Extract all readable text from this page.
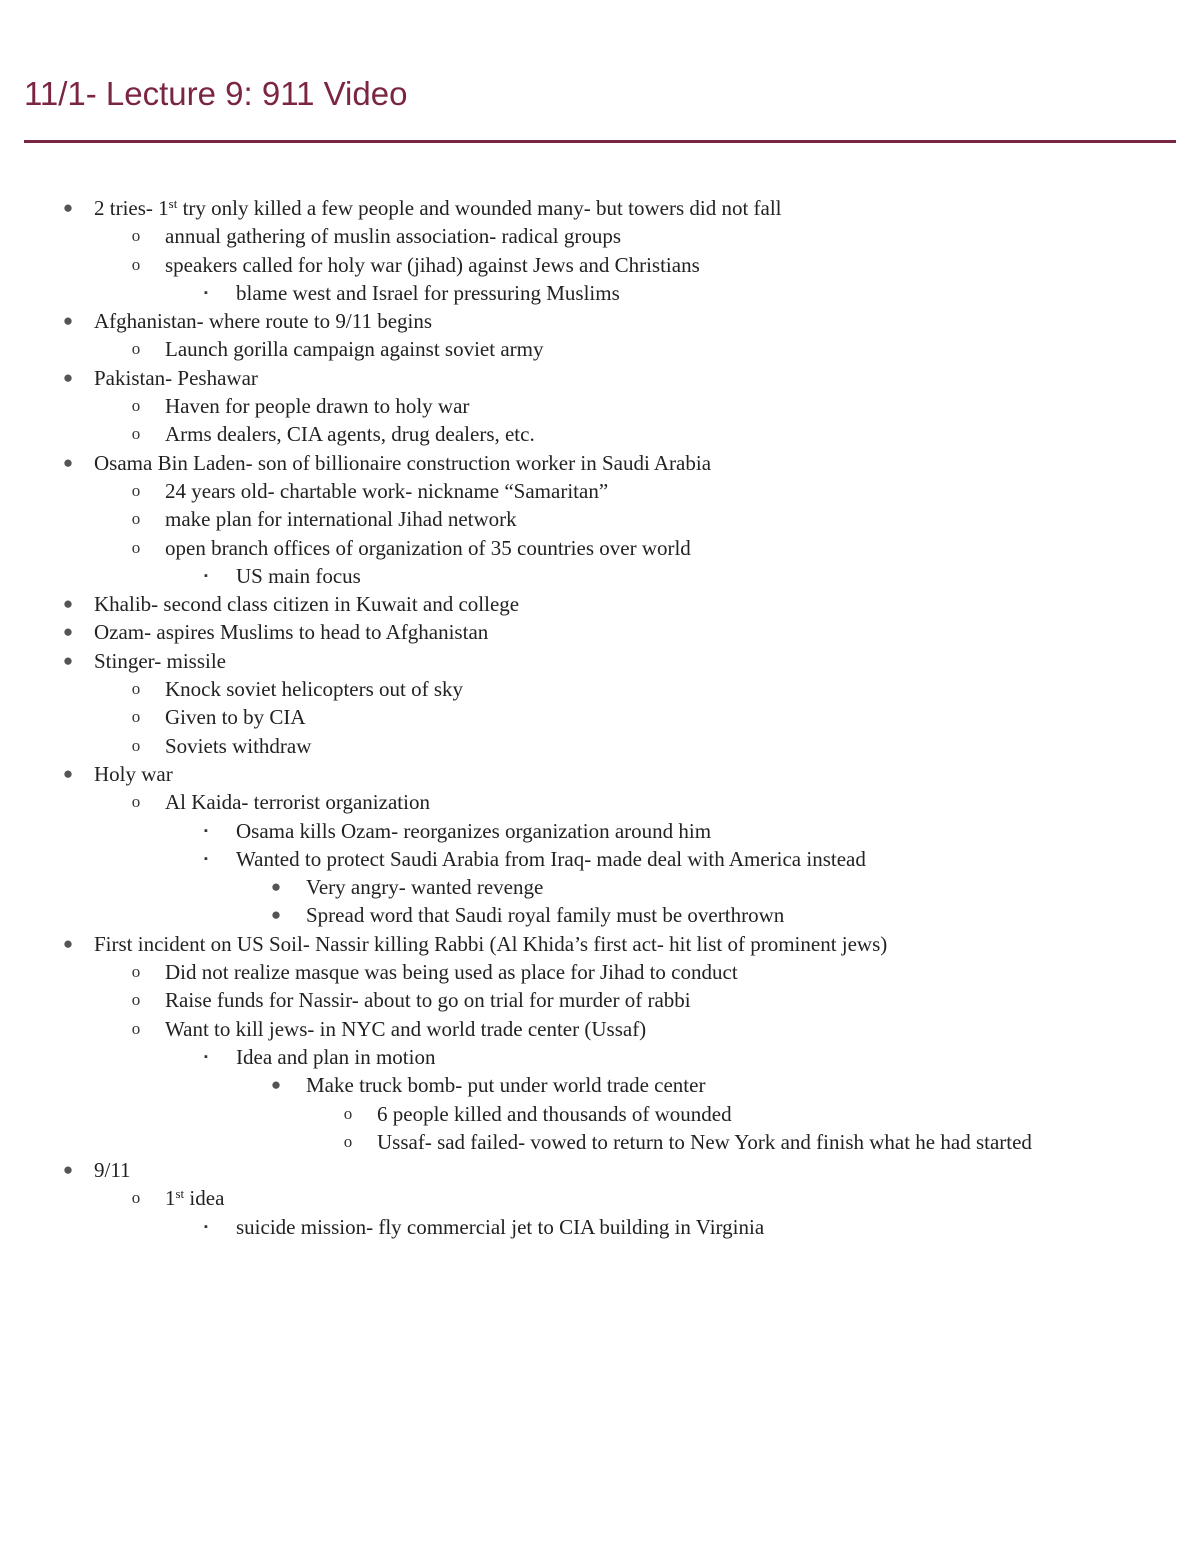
11/1- Lecture 9: 911 Video
● 2 tries- 1st try only killed a few people and wounded many- but towers did not fall
o annual gathering of muslin association- radical groups
o speakers called for holy war (jihad) against Jews and Christians
▪	blame west and Israel for pressuring Muslims
● Afghanistan- where route to 9/11 begins
o Launch gorilla campaign against soviet army
● Pakistan- Peshawar
o Haven for people drawn to holy war
o Arms dealers, CIA agents, drug dealers, etc.
● Osama Bin Laden- son of billionaire construction worker in Saudi Arabia
o 24 years old- chartable work- nickname “Samaritan”
o make plan for international Jihad network
o open branch offices of organization of 35 countries over world
▪	US main focus
● Khalib- second class citizen in Kuwait and college
● Ozam- aspires Muslims to head to Afghanistan
● Stinger- missile
o Knock soviet helicopters out of sky
o Given to by CIA
o Soviets withdraw
● Holy war
o Al Kaida- terrorist organization
▪	Osama kills Ozam- reorganizes organization around him
▪	Wanted to protect Saudi Arabia from Iraq- made deal with America instead
● Very angry- wanted revenge
● Spread word that Saudi royal family must be overthrown
● First incident on US Soil- Nassir killing Rabbi (Al Khida’s first act- hit list of prominent jews)
o Did not realize masque was being used as place for Jihad to conduct
o Raise funds for Nassir- about to go on trial for murder of rabbi
o Want to kill jews- in NYC and world trade center (Ussaf)
▪	Idea and plan in motion
● Make truck bomb- put under world trade center
o 6 people killed and thousands of wounded
o Ussaf- sad failed- vowed to return to New York and finish what he had started
● 9/11
o 1st idea
▪	suicide mission- fly commercial jet to CIA building in Virginia
